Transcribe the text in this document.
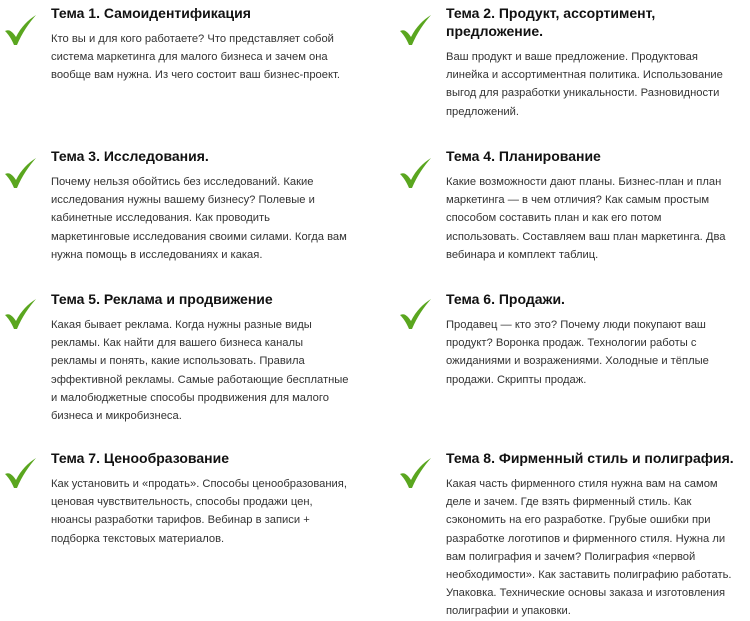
Тема 1. Самоидентификация

Кто вы и для кого работаете? Что представляет собой система маркетинга для малого бизнеса и зачем она вообще вам нужна. Из чего состоит ваш бизнес-проект.

Тема 2. Продукт, ассортимент, предложение.

Ваш продукт и ваше предложение. Продуктовая линейка и ассортиментная политика. Использование выгод для разработки уникальности. Разновидности предложений.

Тема 3. Исследования.

Почему нельзя обойтись без исследований. Какие исследования нужны вашему бизнесу? Полевые и кабинетные исследования. Как проводить маркетинговые исследования своими силами. Когда вам нужна помощь в исследованиях и какая.

Тема 4. Планирование

Какие возможности дают планы. Бизнес-план и план маркетинга — в чем отличия? Как самым простым способом составить план и как его потом использовать. Составляем ваш план маркетинга. Два вебинара и комплект таблиц.

Тема 5. Реклама и продвижение

Какая бывает реклама. Когда нужны разные виды рекламы. Как найти для вашего бизнеса каналы рекламы и понять, какие использовать. Правила эффективной рекламы. Самые работающие бесплатные и малобюджетные способы продвижения для малого бизнеса и микробизнеса.

Тема 6. Продажи.

Продавец — кто это? Почему люди покупают ваш продукт? Воронка продаж. Технологии работы с ожиданиями и возражениями. Холодные и тёплые продажи. Скрипты продаж.

Тема 7. Ценообразование

Как установить и «продать». Способы ценообразования, ценовая чувствительность, способы продажи цен, нюансы разработки тарифов. Вебинар в записи + подборка текстовых материалов.

Тема 8. Фирменный стиль и полиграфия.

Какая часть фирменного стиля нужна вам на самом деле и зачем. Где взять фирменный стиль. Как сэкономить на его разработке. Грубые ошибки при разработке логотипов и фирменного стиля. Нужна ли вам полиграфия и зачем? Полиграфия «первой необходимости». Как заставить полиграфию работать. Упаковка. Технические основы заказа и изготовления полиграфии и упаковки.
